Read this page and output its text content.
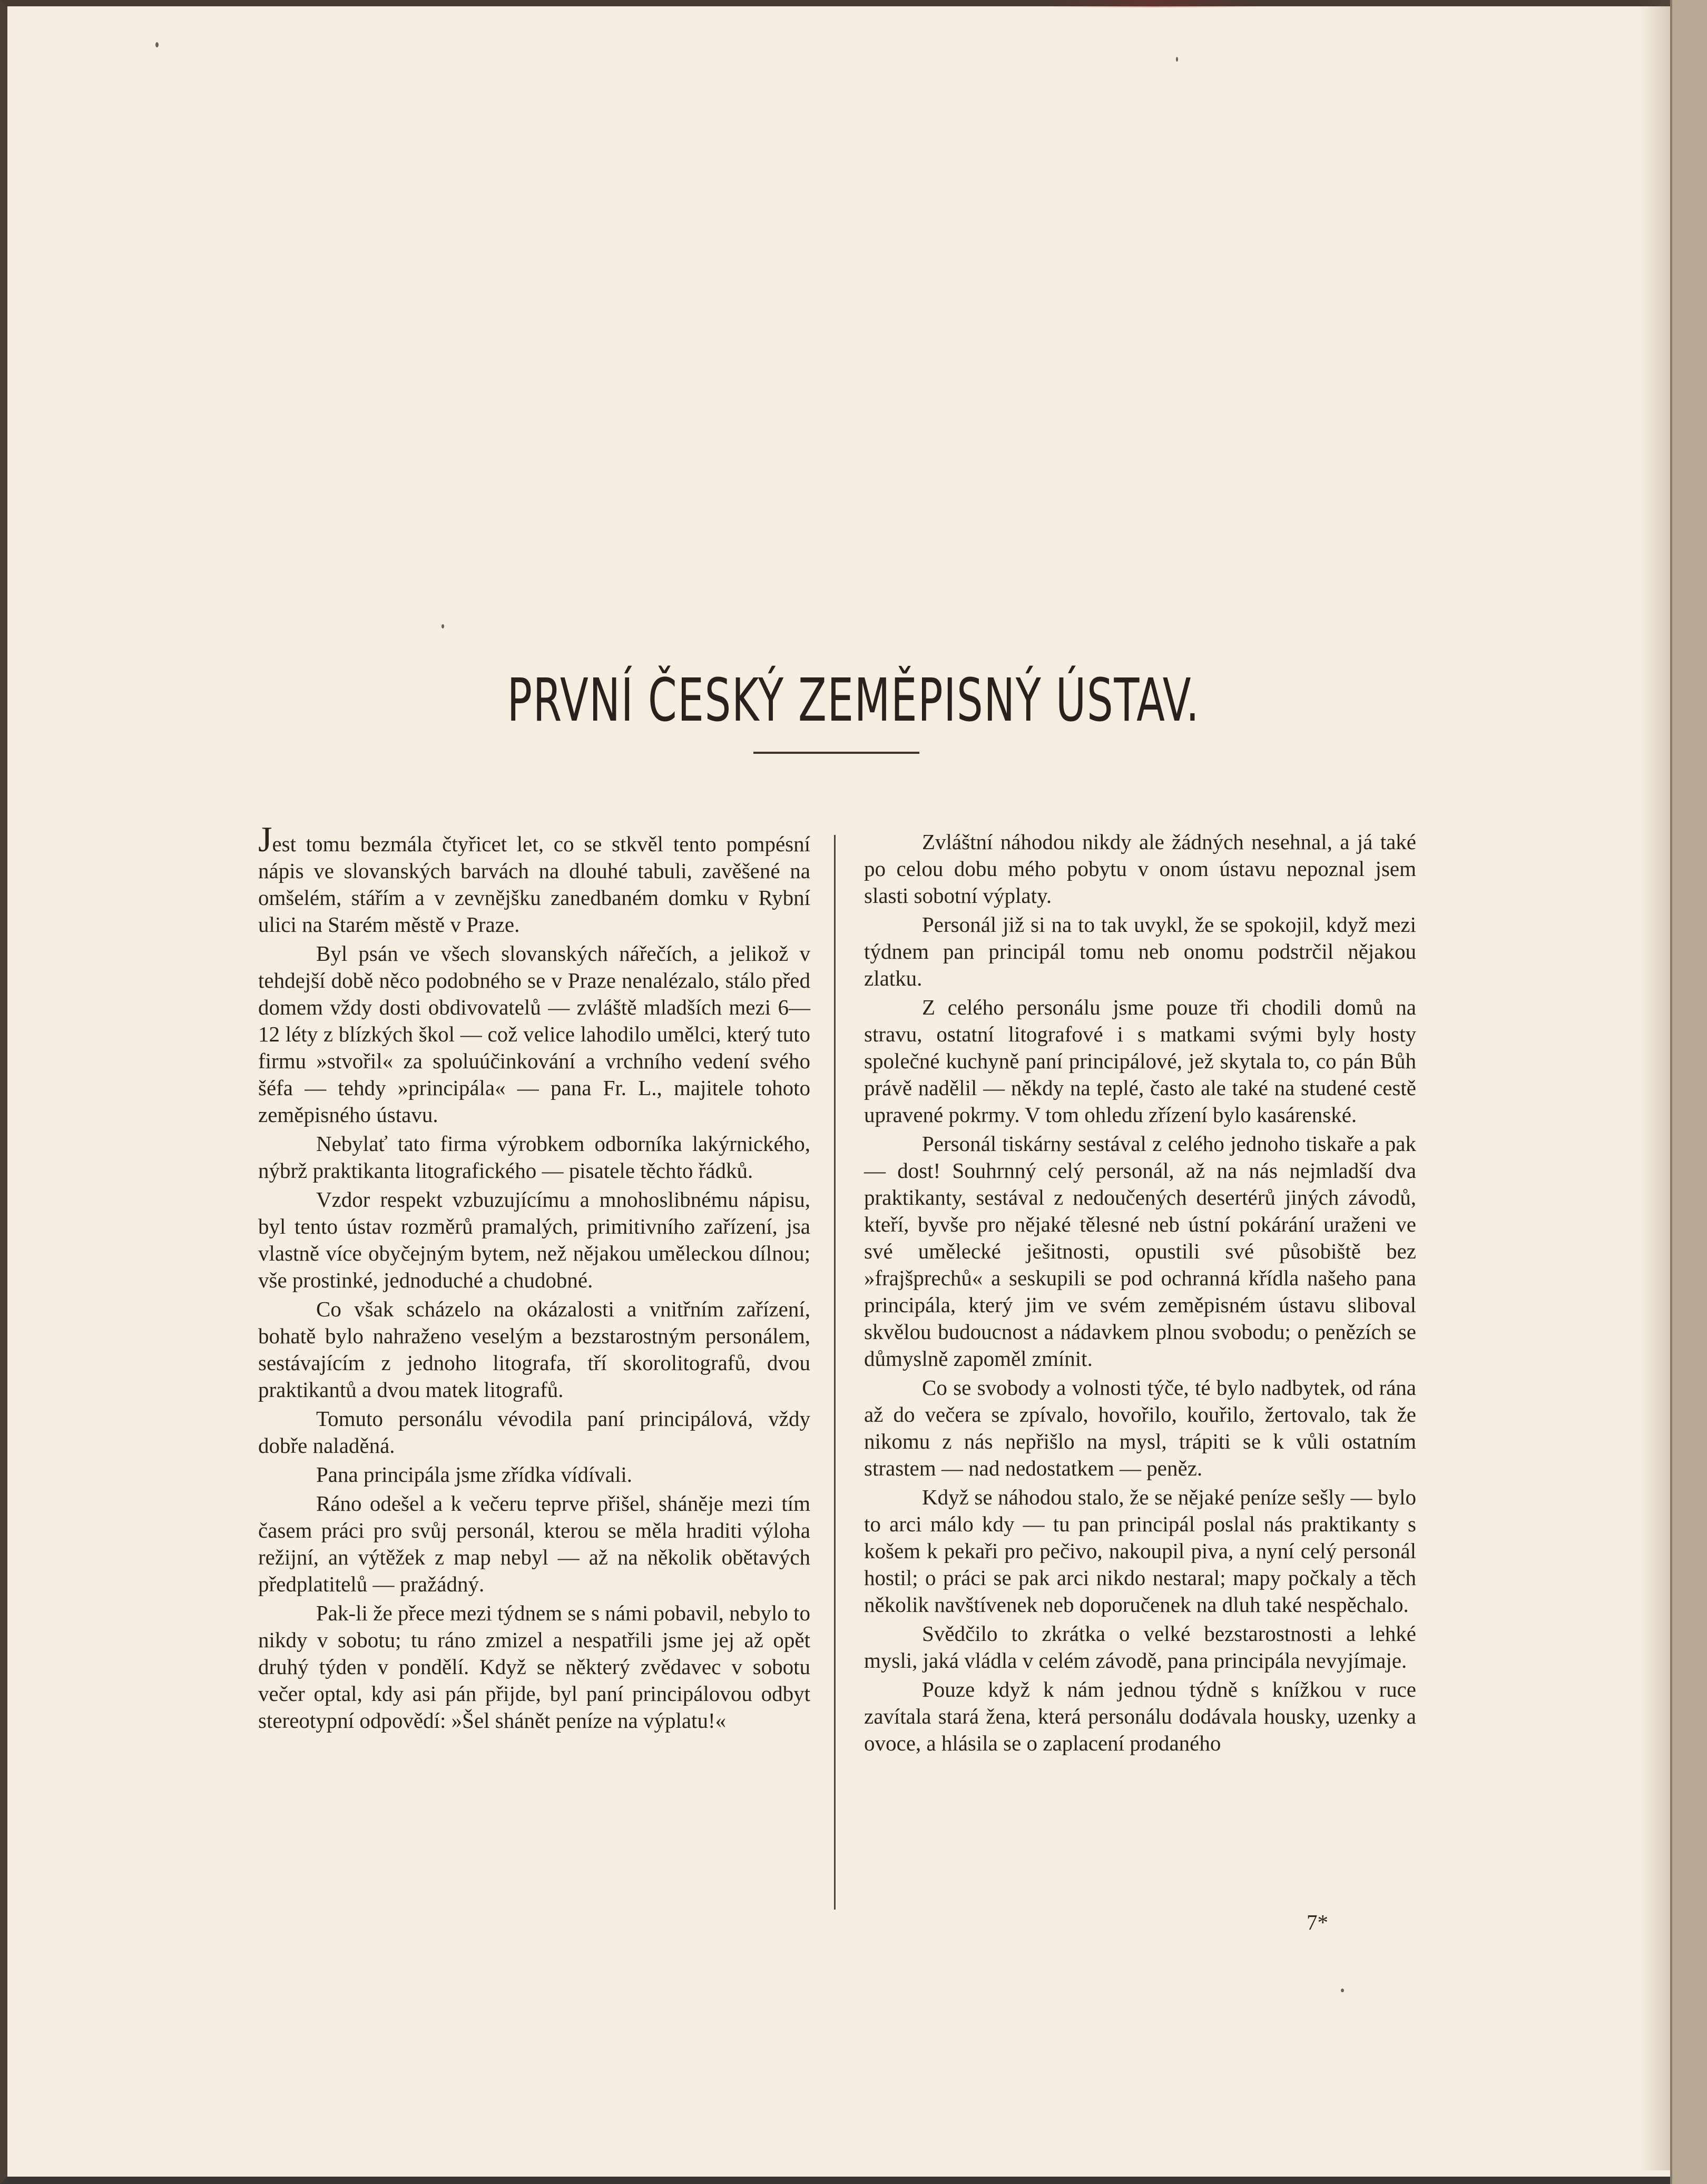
PRVNÍ ČESKÝ ZEMĚPISNÝ ÚSTAV.

Jest tomu bezmála čtyřicet let, co se stkvěl tento pompésní nápis ve slovanských barvách na dlouhé tabuli, zavěšené na omšelém, stářím a v zevnějšku zanedbaném domku v Rybní ulici na Starém městě v Praze.

Byl psán ve všech slovanských nářečích, a jelikož v tehdejší době něco podobného se v Praze nenalézalo, stálo před domem vždy dosti obdivovatelů — zvláště mladších mezi 6—12 léty z blízkých škol — což velice lahodilo umělci, který tuto firmu »stvořil« za spoluúčinkování a vrchního vedení svého šéfa — tehdy »principála« — pana Fr. L., majitele tohoto zeměpisného ústavu.

Nebylať tato firma výrobkem odborníka lakýrnického, nýbrž praktikanta litografického — pisatele těchto řádků.

Vzdor respekt vzbuzujícímu a mnohoslibnému nápisu, byl tento ústav rozměrů pramalých, primitivního zařízení, jsa vlastně více obyčejným bytem, než nějakou uměleckou dílnou; vše prostinké, jednoduché a chudobné.

Co však scházelo na okázalosti a vnitřním zařízení, bohatě bylo nahraženo veselým a bezstarostným personálem, sestávajícím z jednoho litografa, tří skorolitografů, dvou praktikantů a dvou matek litografů.

Tomuto personálu vévodila paní principálová, vždy dobře naladěná.

Pana principála jsme zřídka vídívali.

Ráno odešel a k večeru teprve přišel, sháněje mezi tím časem práci pro svůj personál, kterou se měla hraditi výloha režijní, an výtěžek z map nebyl — až na několik obětavých předplatitelů — pražádný.

Pak-li že přece mezi týdnem se s námi pobavil, nebylo to nikdy v sobotu; tu ráno zmizel a nespatřili jsme jej až opět druhý týden v pondělí. Když se některý zvědavec v sobotu večer optal, kdy asi pán přijde, byl paní principálovou odbyt stereotypní odpovědí: »Šel shánět peníze na výplatu!«

Zvláštní náhodou nikdy ale žádných nesehnal, a já také po celou dobu mého pobytu v onom ústavu nepoznal jsem slasti sobotní výplaty.

Personál již si na to tak uvykl, že se spokojil, když mezi týdnem pan principál tomu neb onomu podstrčil nějakou zlatku.

Z celého personálu jsme pouze tři chodili domů na stravu, ostatní litografové i s matkami svými byly hosty společné kuchyně paní principálové, jež skytala to, co pán Bůh právě nadělil — někdy na teplé, často ale také na studené cestě upravené pokrmy. V tom ohledu zřízení bylo kasárenské.

Personál tiskárny sestával z celého jednoho tiskaře a pak — dost! Souhrnný celý personál, až na nás nejmladší dva praktikanty, sestával z nedoučených desertérů jiných závodů, kteří, byvše pro nějaké tělesné neb ústní pokárání uraženi ve své umělecké ješitnosti, opustili své působiště bez »frajšprechů« a seskupili se pod ochranná křídla našeho pana principála, který jim ve svém zeměpisném ústavu sliboval skvělou budoucnost a nádavkem plnou svobodu; o penězích se důmyslně zapoměl zmínit.

Co se svobody a volnosti týče, té bylo nadbytek, od rána až do večera se zpívalo, hovořilo, kouřilo, žertovalo, tak že nikomu z nás nepřišlo na mysl, trápiti se k vůli ostatním strastem — nad nedostatkem — peněz.

Když se náhodou stalo, že se nějaké peníze sešly — bylo to arci málo kdy — tu pan principál poslal nás praktikanty s košem k pekaři pro pečivo, nakoupil piva, a nyní celý personál hostil; o práci se pak arci nikdo nestaral; mapy počkaly a těch několik navštívenek neb doporučenek na dluh také nespěchalo.

Svědčilo to zkrátka o velké bezstarostnosti a lehké mysli, jaká vládla v celém závodě, pana principála nevyjímaje.

Pouze když k nám jednou týdně s knížkou v ruce zavítala stará žena, která personálu dodávala housky, uzenky a ovoce, a hlásila se o zaplacení prodaného

7*
